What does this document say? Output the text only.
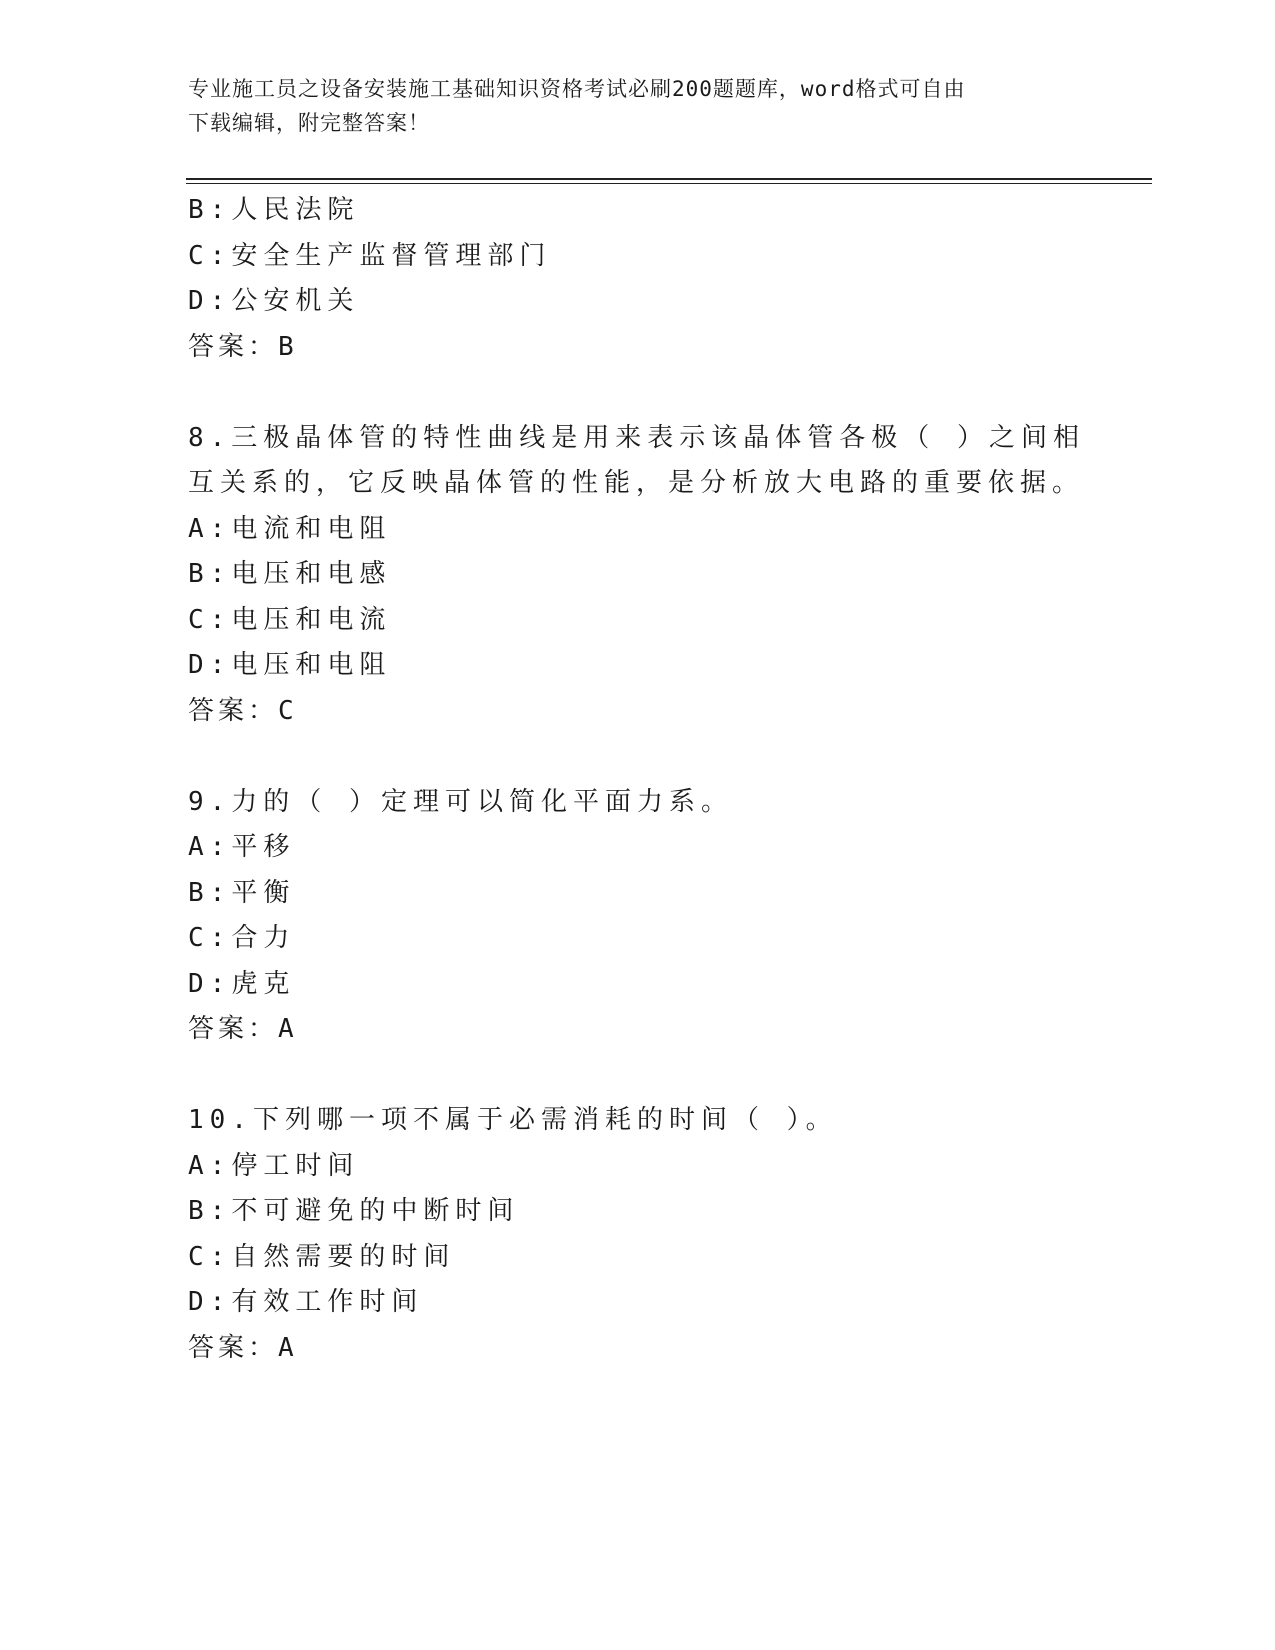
专业施工员之设备安装施工基础知识资格考试必刷200题题库，word格式可自由
下载编辑，附完整答案！
B:人民法院
C:安全生产监督管理部门
D:公安机关
答案：B
8.三极晶体管的特性曲线是用来表示该晶体管各极（ ）之间相互关系的，它反映晶体管的性能，是分析放大电路的重要依据。
A:电流和电阻
B:电压和电感
C:电压和电流
D:电压和电阻
答案：C
9.力的（ ）定理可以简化平面力系。
A:平移
B:平衡
C:合力
D:虎克
答案：A
10.下列哪一项不属于必需消耗的时间（ ）。
A:停工时间
B:不可避免的中断时间
C:自然需要的时间
D:有效工作时间
答案：A
